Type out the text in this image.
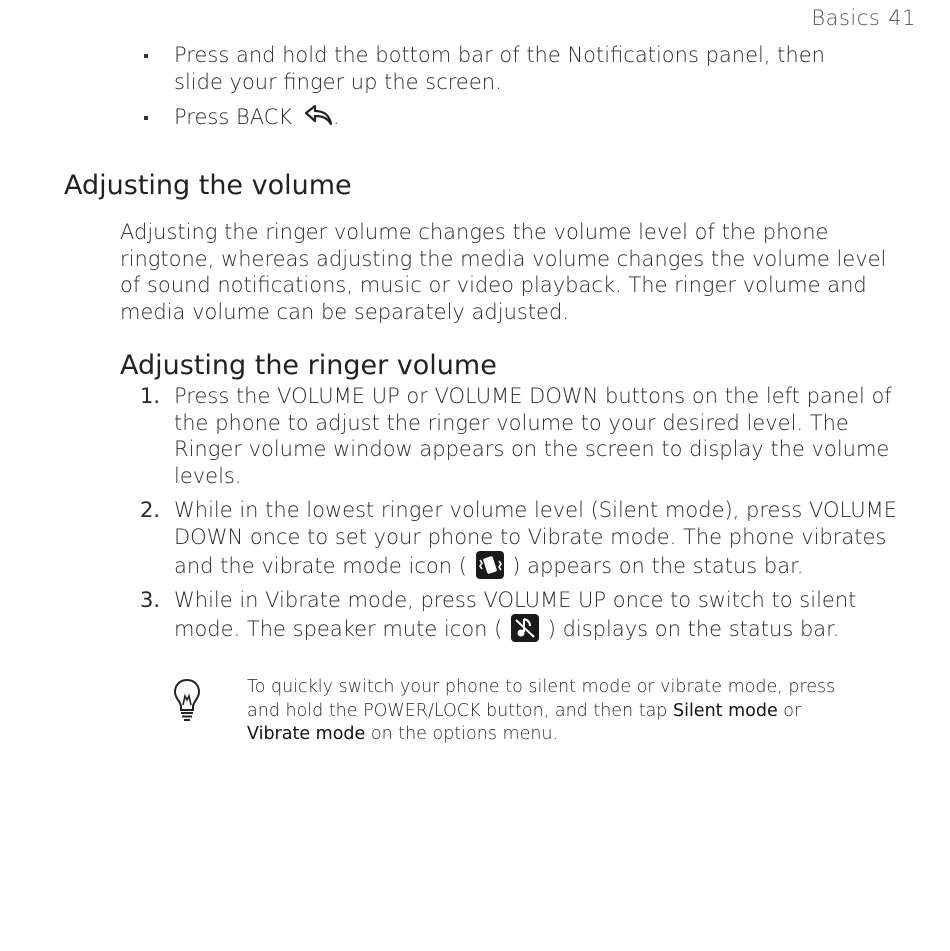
Basics 41
Press and hold the bottom bar of the Notifications panel, then slide your finger up the screen.
Press BACK .
Adjusting the volume

Adjusting the ringer volume changes the volume level of the phone ringtone, whereas adjusting the media volume changes the volume level of sound notifications, music or video playback. The ringer volume and media volume can be separately adjusted.

Adjusting the ringer volume
1. Press the VOLUME UP or VOLUME DOWN buttons on the left panel of the phone to adjust the ringer volume to your desired level. The Ringer volume window appears on the screen to display the volume levels.
2. While in the lowest ringer volume level (Silent mode), press VOLUME DOWN once to set your phone to Vibrate mode. The phone vibrates and the vibrate mode icon ( ) appears on the status bar.
3. While in Vibrate mode, press VOLUME UP once to switch to silent mode. The speaker mute icon ( ) displays on the status bar.
To quickly switch your phone to silent mode or vibrate mode, press and hold the POWER/LOCK button, and then tap Silent mode or Vibrate mode on the options menu.
